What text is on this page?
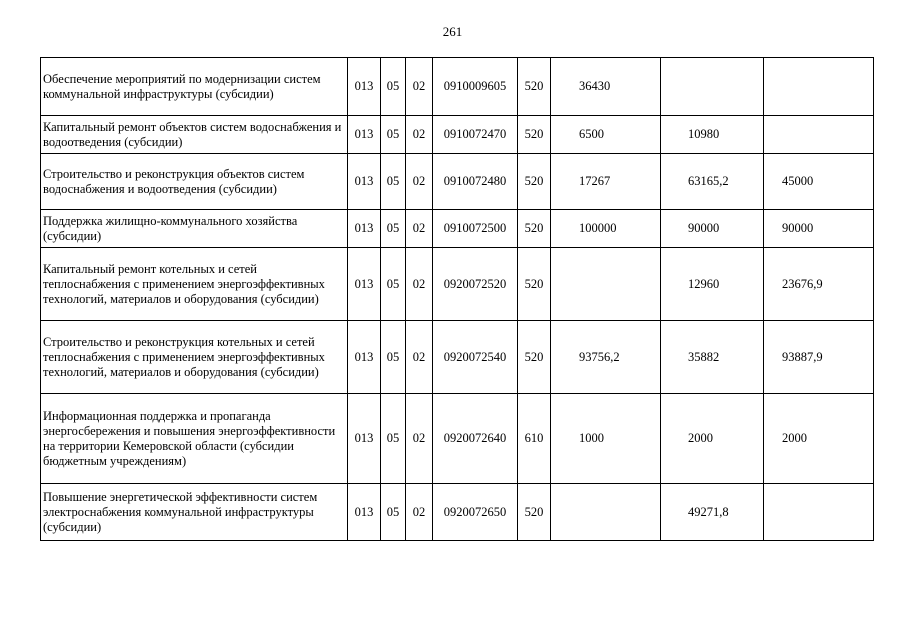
261
Обеспечение мероприятий по модернизации систем коммунальной инфраструктуры (субсидии)	013	05	02	0910009605	520	36430		
Капитальный ремонт объектов систем водоснабжения и водоотведения (субсидии)	013	05	02	0910072470	520	6500	10980	
Строительство и реконструкция объектов систем водоснабжения и водоотведения (субсидии)	013	05	02	0910072480	520	17267	63165,2	45000
Поддержка жилищно-коммунального хозяйства (субсидии)	013	05	02	0910072500	520	100000	90000	90000
Капитальный ремонт котельных и сетей теплоснабжения с применением энергоэффективных технологий, материалов и оборудования (субсидии)	013	05	02	0920072520	520		12960	23676,9
Строительство и реконструкция котельных и сетей теплоснабжения с применением энергоэффективных технологий, материалов и оборудования (субсидии)	013	05	02	0920072540	520	93756,2	35882	93887,9
Информационная поддержка и пропаганда энергосбережения и повышения энергоэффективности на территории Кемеровской области (субсидии бюджетным учреждениям)	013	05	02	0920072640	610	1000	2000	2000
Повышение энергетической эффективности систем электроснабжения коммунальной инфраструктуры (субсидии)	013	05	02	0920072650	520		49271,8	
